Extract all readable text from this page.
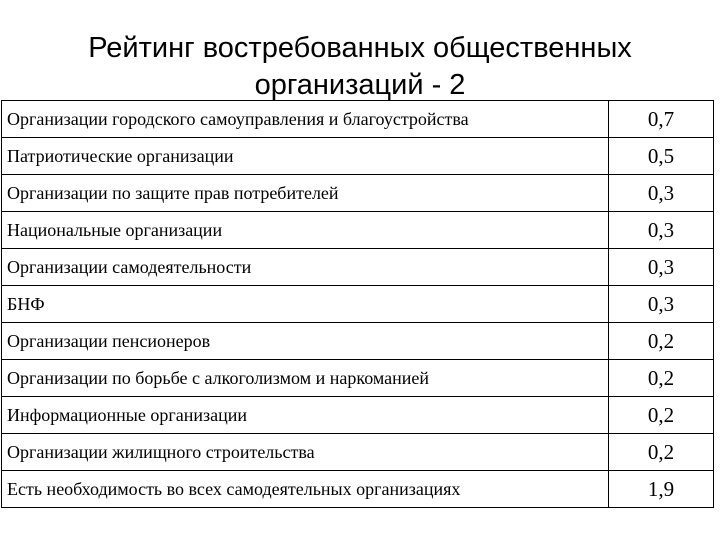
Рейтинг востребованных общественных
организаций - 2
Организации городского самоуправления и благоустройства	0,7
Патриотические организации	0,5
Организации по защите прав потребителей	0,3
Национальные организации	0,3
Организации самодеятельности	0,3
БНФ	0,3
Организации пенсионеров	0,2
Организации по борьбе с алкоголизмом и наркоманией	0,2
Информационные организации	0,2
Организации жилищного строительства	0,2
Есть необходимость во всех самодеятельных организациях	1,9
